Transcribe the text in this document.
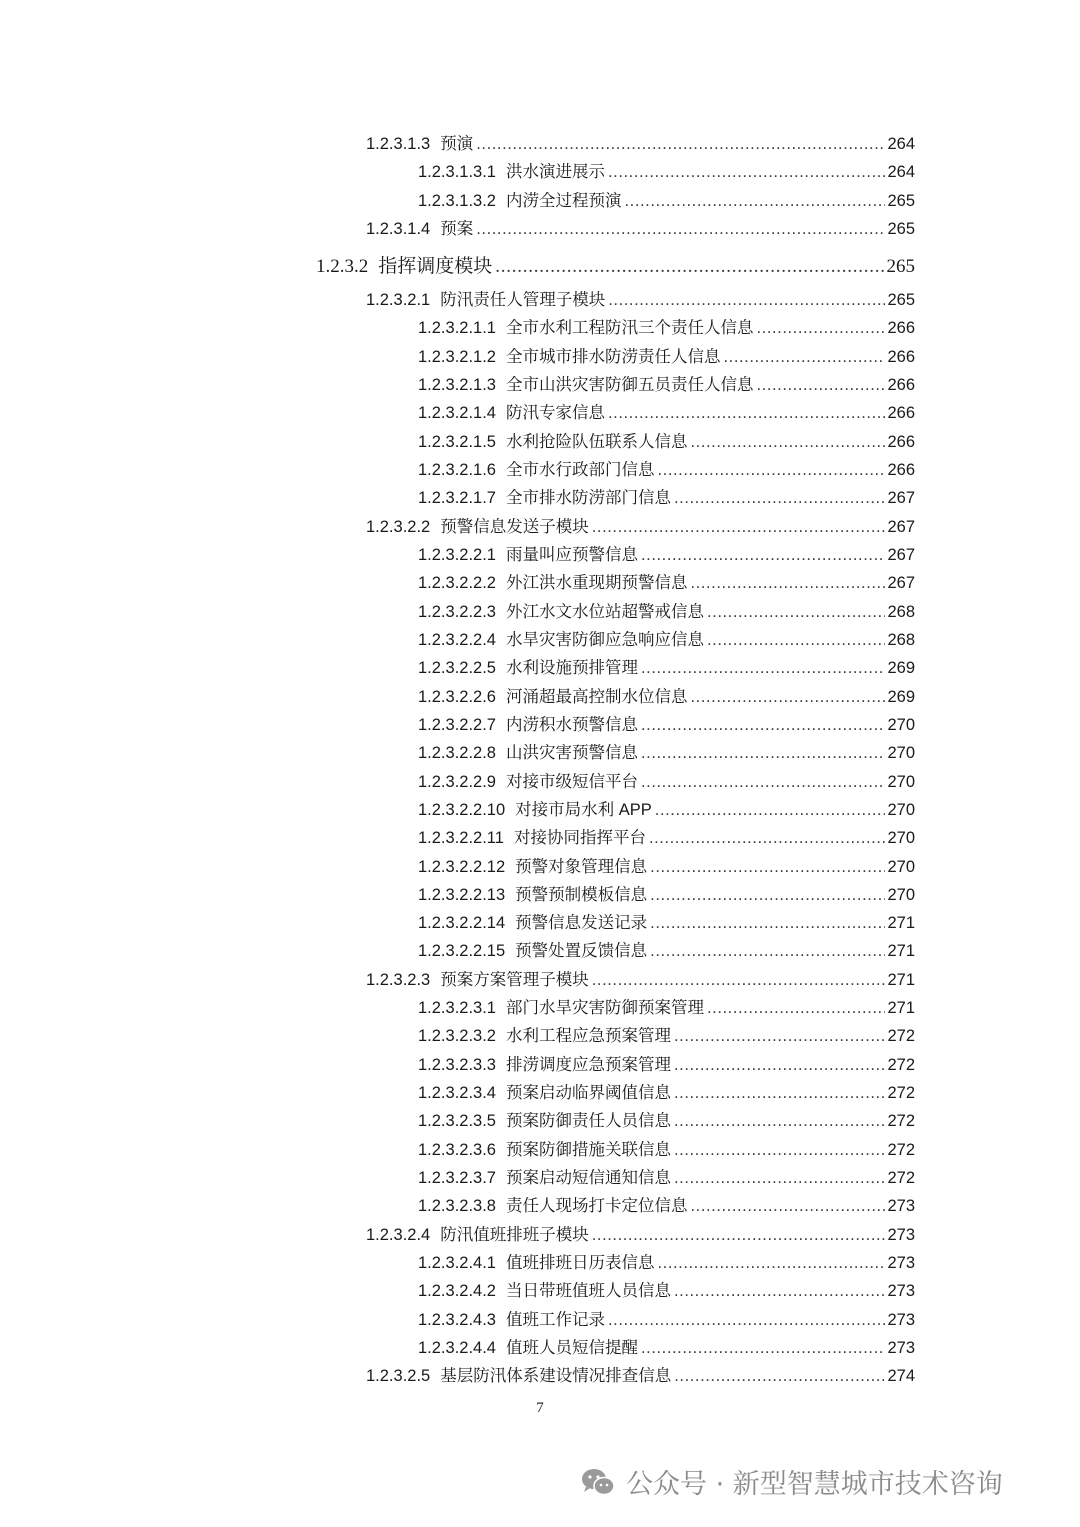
1.2.3.1.3 预演 . . .	264
1.2.3.1.3.1 洪水演进展示 . . .	264
1.2.3.1.3.2 内涝全过程预演 . . .	265
1.2.3.1.4 预案 . . .	265
1.2.3.2 指挥调度模块 . . .	265
1.2.3.2.1 防汛责任人管理子模块 . . .	265
1.2.3.2.1.1 全市水利工程防汛三个责任人信息 . . .	266
1.2.3.2.1.2 全市城市排水防涝责任人信息 . . .	266
1.2.3.2.1.3 全市山洪灾害防御五员责任人信息 . . .	266
1.2.3.2.1.4 防汛专家信息 . . .	266
1.2.3.2.1.5 水利抢险队伍联系人信息 . . .	266
1.2.3.2.1.6 全市水行政部门信息 . . .	266
1.2.3.2.1.7 全市排水防涝部门信息 . . .	267
1.2.3.2.2 预警信息发送子模块 . . .	267
1.2.3.2.2.1 雨量叫应预警信息 . . .	267
1.2.3.2.2.2 外江洪水重现期预警信息 . . .	267
1.2.3.2.2.3 外江水文水位站超警戒信息 . . .	268
1.2.3.2.2.4 水旱灾害防御应急响应信息 . . .	268
1.2.3.2.2.5 水利设施预排管理 . . .	269
1.2.3.2.2.6 河涌超最高控制水位信息 . . .	269
1.2.3.2.2.7 内涝积水预警信息 . . .	270
1.2.3.2.2.8 山洪灾害预警信息 . . .	270
1.2.3.2.2.9 对接市级短信平台 . . .	270
1.2.3.2.2.10 对接市局水利 APP . . .	270
1.2.3.2.2.11 对接协同指挥平台 . . .	270
1.2.3.2.2.12 预警对象管理信息 . . .	270
1.2.3.2.2.13 预警预制模板信息 . . .	270
1.2.3.2.2.14 预警信息发送记录 . . .	271
1.2.3.2.2.15 预警处置反馈信息 . . .	271
1.2.3.2.3 预案方案管理子模块 . . .	271
1.2.3.2.3.1 部门水旱灾害防御预案管理 . . .	271
1.2.3.2.3.2 水利工程应急预案管理 . . .	272
1.2.3.2.3.3 排涝调度应急预案管理 . . .	272
1.2.3.2.3.4 预案启动临界阈值信息 . . .	272
1.2.3.2.3.5 预案防御责任人员信息 . . .	272
1.2.3.2.3.6 预案防御措施关联信息 . . .	272
1.2.3.2.3.7 预案启动短信通知信息 . . .	272
1.2.3.2.3.8 责任人现场打卡定位信息 . . .	273
1.2.3.2.4 防汛值班排班子模块 . . .	273
1.2.3.2.4.1 值班排班日历表信息 . . .	273
1.2.3.2.4.2 当日带班值班人员信息 . . .	273
1.2.3.2.4.3 值班工作记录 . . .	273
1.2.3.2.4.4 值班人员短信提醒 . . .	273
1.2.3.2.5 基层防汛体系建设情况排查信息 . . .	274
7
公众号 · 新型智慧城市技术咨询
